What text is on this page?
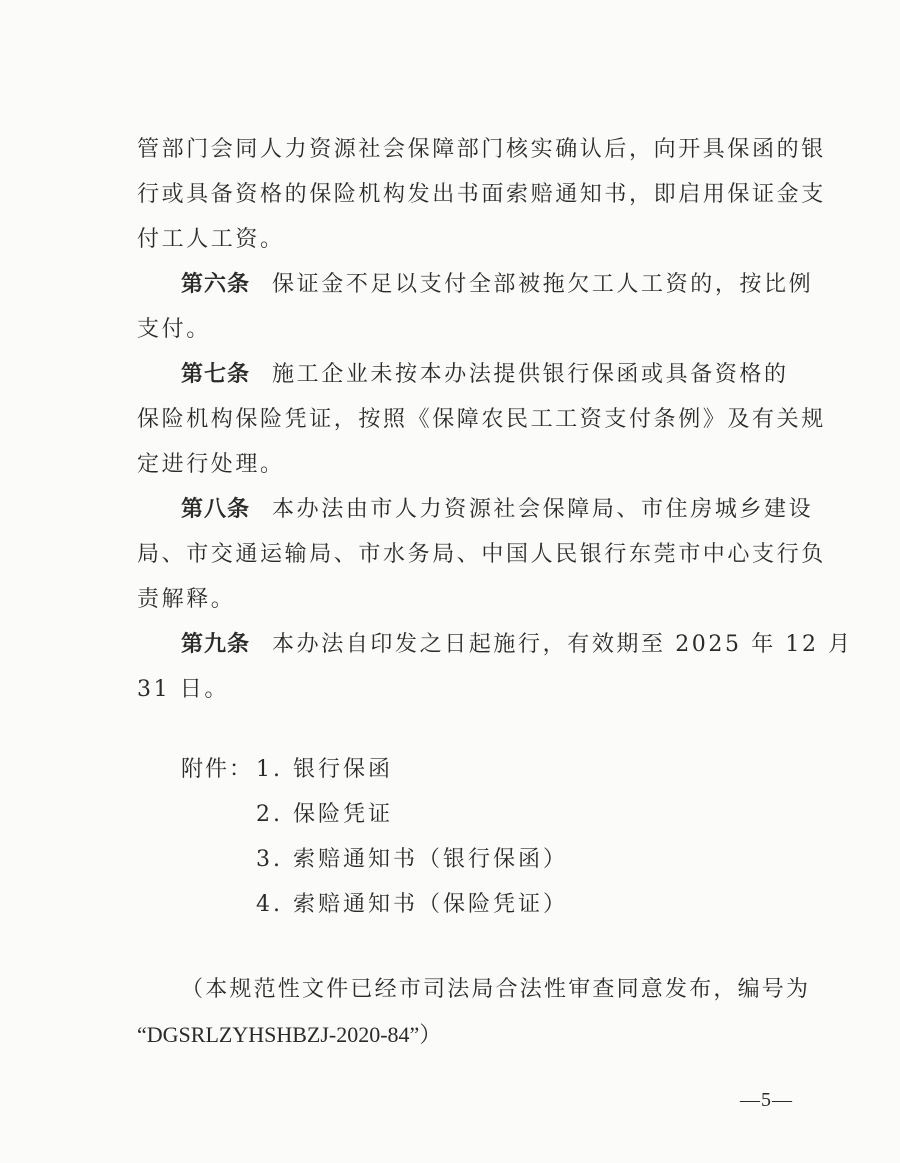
管部门会同人力资源社会保障部门核实确认后，向开具保函的银
行或具备资格的保险机构发出书面索赔通知书，即启用保证金支
付工人工资。
第六条 保证金不足以支付全部被拖欠工人工资的，按比例
支付。
第七条 施工企业未按本办法提供银行保函或具备资格的
保险机构保险凭证，按照《保障农民工工资支付条例》及有关规
定进行处理。
第八条 本办法由市人力资源社会保障局、市住房城乡建设
局、市交通运输局、市水务局、中国人民银行东莞市中心支行负
责解释。
第九条 本办法自印发之日起施行，有效期至 2025 年 12 月
31 日。
附件： 1. 银行保函
2. 保险凭证
3. 索赔通知书（银行保函）
4. 索赔通知书（保险凭证）
（本规范性文件已经市司法局合法性审查同意发布，编号为
“DGSRLZYHSHBZJ-2020-84”）
—5—
